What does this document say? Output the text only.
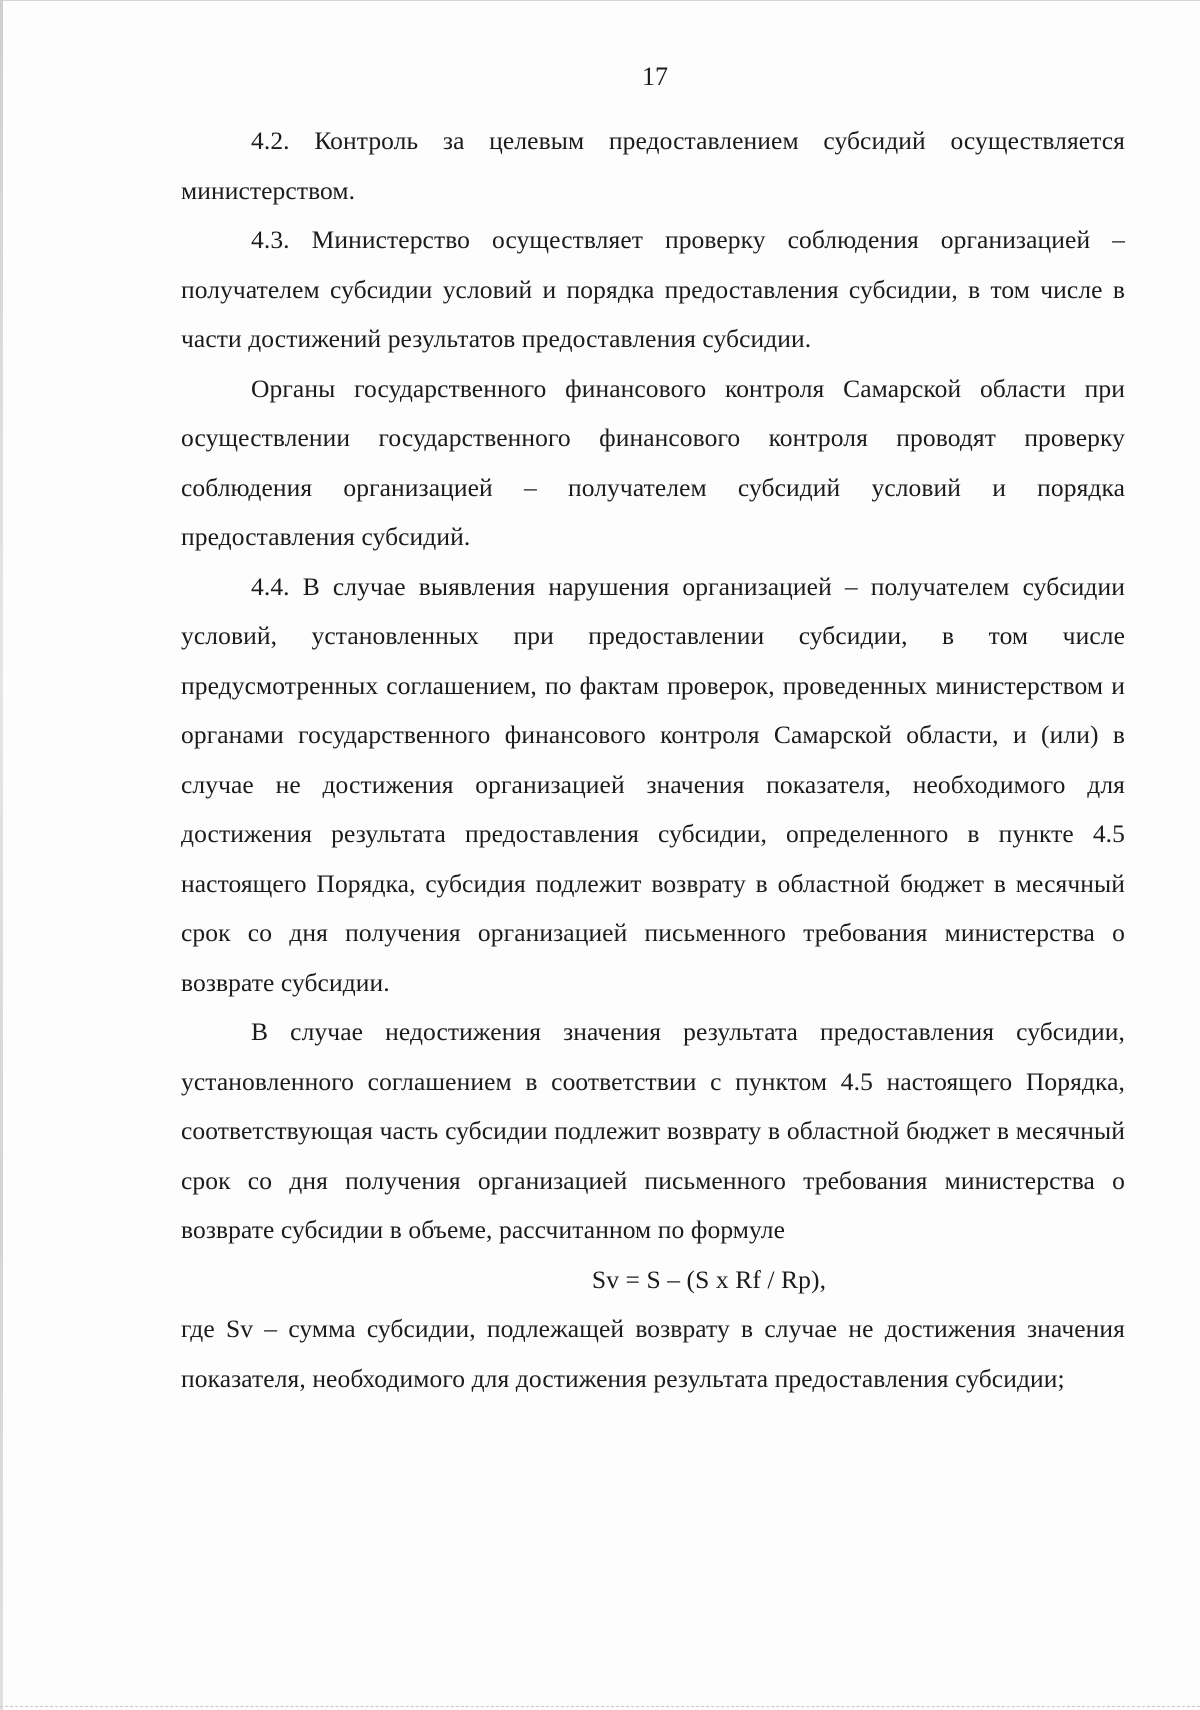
17

4.2. Контроль за целевым предоставлением субсидий осуществляется министерством.

4.3. Министерство осуществляет проверку соблюдения организацией – получателем субсидии условий и порядка предоставления субсидии, в том числе в части достижений результатов предоставления субсидии.

Органы государственного финансового контроля Самарской области при осуществлении государственного финансового контроля проводят проверку соблюдения организацией – получателем субсидий условий и порядка предоставления субсидий.

4.4. В случае выявления нарушения организацией – получателем субсидии условий, установленных при предоставлении субсидии, в том числе предусмотренных соглашением, по фактам проверок, проведенных министерством и органами государственного финансового контроля Самарской области, и (или) в случае не достижения организацией значения показателя, необходимого для достижения результата предоставления субсидии, определенного в пункте 4.5 настоящего Порядка, субсидия подлежит возврату в областной бюджет в месячный срок со дня получения организацией письменного требования министерства о возврате субсидии.

В случае недостижения значения результата предоставления субсидии, установленного соглашением в соответствии с пунктом 4.5 настоящего Порядка, соответствующая часть субсидии подлежит возврату в областной бюджет в месячный срок со дня получения организацией письменного требования министерства о возврате субсидии в объеме, рассчитанном по формуле

Sv = S – (S x Rf / Rp),

где Sv – сумма субсидии, подлежащей возврату в случае не достижения значения показателя, необходимого для достижения результата предоставления субсидии;
